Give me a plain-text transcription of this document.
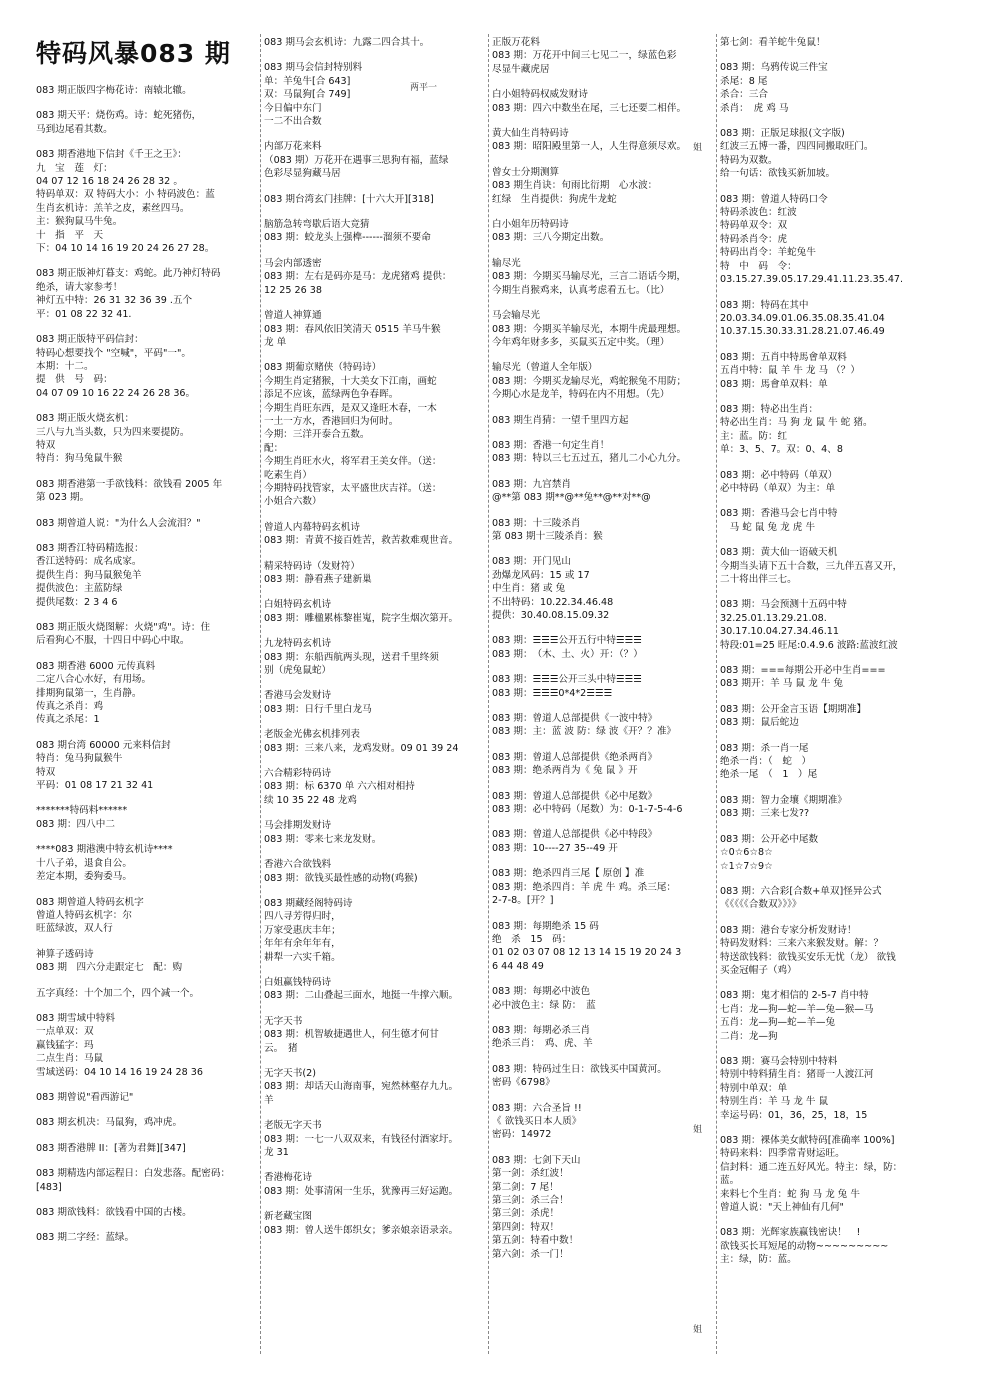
特码风暴083 期
083 期正版四字梅花诗：南辕北辙。
083 期天平：烧伤鸡。诗：蛇死猪伤，
马到边尾看其数。
083 期香港地下信封《千王之王》：
九　宝　莲　灯：
04 07 12 16 18 24 26 28 32 。
特码单双：双 特码大小：小 特码波色：蓝
生肖玄机诗：羔羊之皮，素丝四马。
主：猴狗鼠马牛兔。
十　指　平　天
下：04 10 14 16 19 20 24 26 27 28。
083 期正版神灯暮支：鸡蛇。此乃神灯特码
绝杀，请大家参考！
神灯五中特：26 31 32 36 39 .五个
平：01 08 22 32 41.
083 期正版特平码信封：
特码心想要找个 "空喊"，平码"一"。
本期：十二。
提　供　号　码：
04 07 09 10 16 22 24 26 28 36。
083 期正版火烧玄机：
三八与九当头数，只为四来要提防。
特双
特肖：狗马兔鼠牛猴
083 期香港第一手欲钱料：欲钱看 2005 年
第 023 期。
083 期曾道人说："为什么人会流泪？"
083 期香江特码精选报：
香江送特码：成名成家。
提供生肖：狗马鼠猴兔羊
提供波色：主蓝防绿
提供尾数：2 3 4 6
083 期正版火烧图解：火烧"鸡"。诗：住
后看狗心不服，十四日中码心中取。
083 期香港 6000 元传真料
二定八合心水好，有用场。
排期狗鼠第一，生肖静。
传真之杀肖：鸡
传真之杀尾：1
083 期台湾 60000 元来料信封
特肖：兔马狗鼠猴牛
特双
平码：01 08 17 21 32 41
*******特码料******
083 期：四八中二
****083 期港澳中特玄机诗****
十八子弟，退食自公。
差定本期，委狗委马。
083 期曾道人特码玄机字
曾道人特码玄机字：尔
旺蓝绿波，双人行
神算子透码诗
083 期　四六分走跟定七　配：购
五字真经：十个加二个，四个减一个。
083 期雪域中特料
一点单双：双
赢钱猛字：玛
二点生肖：马鼠
雪域送码：04 10 14 16 19 24 28 36
083 期曾说"看西游记"
083 期玄机决：马鼠狗，鸡冲虎。
083 期香港牌 II：[著为君舞][347]
083 期精选内部运程日：白发悲落。配密码：
[483]
083 期欲钱料：欲钱看中国的古楼。
083 期二字经：蓝绿。
083 期马会玄机诗：九露二四合其十。
083 期马会信封特别料
单：羊兔牛[合 643]
双：马鼠狗[合 749]
今日偏中东门
一二不出合数
内部万花来料
（083 期）万花开在遇事三思狗有福，蓝绿
色彩尽显狗藏马居
083 期台湾玄门挂牌：[十六大开][318]
脑筋急转弯歇后语大竞猜
083 期：蛟龙头上强榫------溜须不要命
马会内部透密
083 期：左右是码亦是马：龙虎猪鸡 提供：
12 25 26 38
曾道人神算通
083 期：春风依旧笑清天 0515 羊马牛猴
龙 单
083 期葡京赌侠（特码诗）
今期生肖定猪猴，十大美女下江南，画蛇
添足不应该，蓝绿两色争春晖。
今期生肖旺东西，是双又逢旺木春，一木
一土一方水，香港回归为何时。
今期：三洋开泰合五数。
配：
今期生肖旺水火，将军君王美女伴。（送：
吃素生肖）
今期特码找管家，太平盛世庆吉祥。（送：
小姐合六数）
曾道人内幕特码玄机诗
083 期：青黄不接百姓苦，救苦救难观世音。
精采特码诗（发财符）
083 期：静看燕子建新巢
白姐特码玄机诗
083 期：雕楹累栋黎崔嵬，院字生烟次第开。
九龙特码玄机诗
083 期：东船西航两头现，送君千里终须
别（虎兔鼠蛇）
香港马会发财诗
083 期：日行千里白龙马
老版金光佛玄机排列表
083 期：三来八来，龙鸡发财。09 01 39 24
六合精彩特码诗
083 期：标 6370 单 六六相对相持
续 10 35 22 48 龙鸡
马会排期发财诗
083 期：零来七来龙发财。
香港六合欲钱料
083 期：欲钱买最性感的动物(鸡猴)
083 期藏经阁特码诗
四八寻芳得归时，
万家受惠庆丰年；
年年有余年年有，
耕犁一六实千箱。
白姐赢钱特码诗
083 期：二山叠起三面水，地挺一牛撑六顺。
无字天书
083 期：机智敏捷遇世人，何生德才何甘
云。　猪
无字天书(2)
083 期：却话天山海南事，宛然林壑存九九。
羊
老版无字天书
083 期：一七一八双双来，有钱径付酒家圩。
龙 31
香港梅花诗
083 期：处事清闲一生乐，犹豫再三好运跑。
新老藏宝图
083 期：曾人送牛郎织女；爹亲娘亲语录亲。
正版万花料
083 期：万花开中间三七见二一，绿蓝色彩
尽显牛藏虎居
白小姐特码权威发财诗
083 期：四六中数坐在尾，三七还要二相伴。
黄大仙生肖特码诗
083 期：昭阳殿里第一人，人生得意须尽欢。
曾女士分期测算
083 期生肖诀：旬雨比衍期　心水波：
红绿　生肖提供：狗虎牛龙蛇
白小姐年历特码诗
083 期：三八今期定出数。
输尽光
083 期：今期买马输尽光，三言二语话今期，
今期生肖猴鸡来，认真考虑看五七。（比）
马会输尽光
083 期：今期买羊输尽光，本期牛虎最理想。
今年鸡年财多多，买鼠买五定中奖。（理）
输尽光（曾道人全年版）
083 期：今期买龙输尽光，鸡蛇猴兔不用防；
今期心水是龙羊，特码在内不用想。（先）
083 期生肖猜：一望千里四方起
083 期：香港一句定生肖！
083 期：特以三七五过五，猪儿二小心九分。
083 期：九宫禁肖
@**第 083 期**@**兔**@**对**@
083 期：十三陵杀肖
第 083 期十三陵杀肖：猴
083 期：开门见山
劲爆龙风码：15 或 17
中生肖：猪 或 兔
不出特码：10.22.34.46.48
提供：30.40.08.15.09.32
083 期：☰☰☰公开五行中特☰☰☰
083 期：　（木、土、火）开：（？）
083 期：☰☰☰公开三头中特☰☰☰
083 期：☰☰☰0*4*2☰☰☰
083 期：曾道人总部提供《一波中特》
083 期：主：蓝 波 防：绿 波《开？？准》
083 期：曾道人总部提供《绝杀两肖》
083 期：绝杀两肖为《 兔 鼠 》开
083 期：曾道人总部提供《必中尾数》
083 期：必中特码（尾数）为：0-1-7-5-4-6
083 期：曾道人总部提供《必中特段》
083 期：10----27 35--49 开
083 期：绝杀四肖三尾【 原创 】准
083 期：绝杀四肖：羊 虎 牛 鸡。杀三尾：
2-7-8。[开？]
083 期：每期绝杀 15 码
绝　杀　15　码：
01 02 03 07 08 12 13 14 15 19 20 24 3
6 44 48 49
083 期：每期必中波色
必中波色主：绿 防：　蓝
083 期：每期必杀三肖
绝杀三肖：　鸡、虎、羊
083 期：特码过生日：欲钱买中国黄河。
密码《6798》
083 期：六合圣旨 !!
《 欲钱买日本人质》
密码：14972
083 期：七剑下天山
第一剑：杀红波！
第二剑：7 尾！
第三剑：杀三合！
第三剑：杀虎！
第四剑：特双！
第五剑：特看中数！
第六剑：杀一门！
第七剑：看羊蛇牛兔鼠！
083 期：乌鸦传说三件宝
杀尾：8 尾
杀合：三合
杀肖：　虎 鸡 马
083 期：正版足球报(文字版)
红波三五博一番，四四同搬取旺门。
特码为双数。
给一句话：欲钱买新加坡。
083 期：曾道人特码口令
特码杀波色：红波
特码单双令：双
特码杀肖令：虎
特码出肖令：羊蛇兔牛
特　中　码　令：
03.15.27.39.05.17.29.41.11.23.35.47.
083 期：特码在其中
20.03.34.09.01.06.35.08.35.41.04
10.37.15.30.33.31.28.21.07.46.49
083 期：五肖中特馬會单双料
五肖中特：鼠 羊 牛 龙 马 （？）
083 期：馬會单双料：单
083 期：特必出生肖：
特必出生肖：马 狗 龙 鼠 牛 蛇 猪。
主：蓝。防：红
单：3、5、7。双：0、4、8
083 期：必中特码（单双）
必中特码（单双）为主：单
083 期：香港马会七肖中特
　马 蛇 鼠 兔 龙 虎 牛
083 期：黄大仙一语破天机
今期当头请下五十合数，三九伴五喜又开，
二十将出伴三七。
083 期：马会预测十五码中特
32.25.01.13.29.21.08.
30.17.10.04.27.34.46.11
特段:01=25 旺尾:0.4.9.6 波路:蓝波红波
083 期：===每期公开必中生肖===
083 期开：羊 马 鼠 龙 牛 兔
083 期：公开金言玉语【期期准】
083 期：鼠后蛇边
083 期：杀一肖一尾
绝杀一肖：（　蛇　）
绝杀一尾　（　1　）尾
083 期：智力金壤《期期准》
083 期：三来七发??
083 期：公开必中尾数
☆0☆6☆8☆
☆1☆7☆9☆
083 期：六合彩[合数+单双]怪异公式
《《《《《合数双》》》》
083 期：港台专家分析发财诗！
特码发财料：三来六来猴发财。解：？
特送欲钱料：欲钱买安乐无忧（龙） 欲钱
买金冠帽子（鸡）
083 期：鬼才相信的 2-5-7 肖中特
七肖：龙—狗—蛇—羊—兔—猴—马
五肖：龙—狗—蛇—羊—兔
二肖：龙—狗
083 期：赛马会特别中特料
特别中特料猜生肖：猪哥一人渡江河
特别中单双：单
特别生肖：羊 马 龙 牛 鼠
幸运号码：01，36，25，18，15
083 期：裸体美女献特码[准确率 100%]
特码来料：四季常青财运旺。
信封料：通二连五好风光。特主：绿，防：
蓝。
来料七个生肖：蛇 狗 马 龙 兔 牛
曾道人说："天上神仙有几何"
083 期：光辉家族赢钱密诀！　!
欲钱买长耳短尾的动物~~~~~~~~~
主：绿，防：蓝。
两平一
姐
姐
姐
